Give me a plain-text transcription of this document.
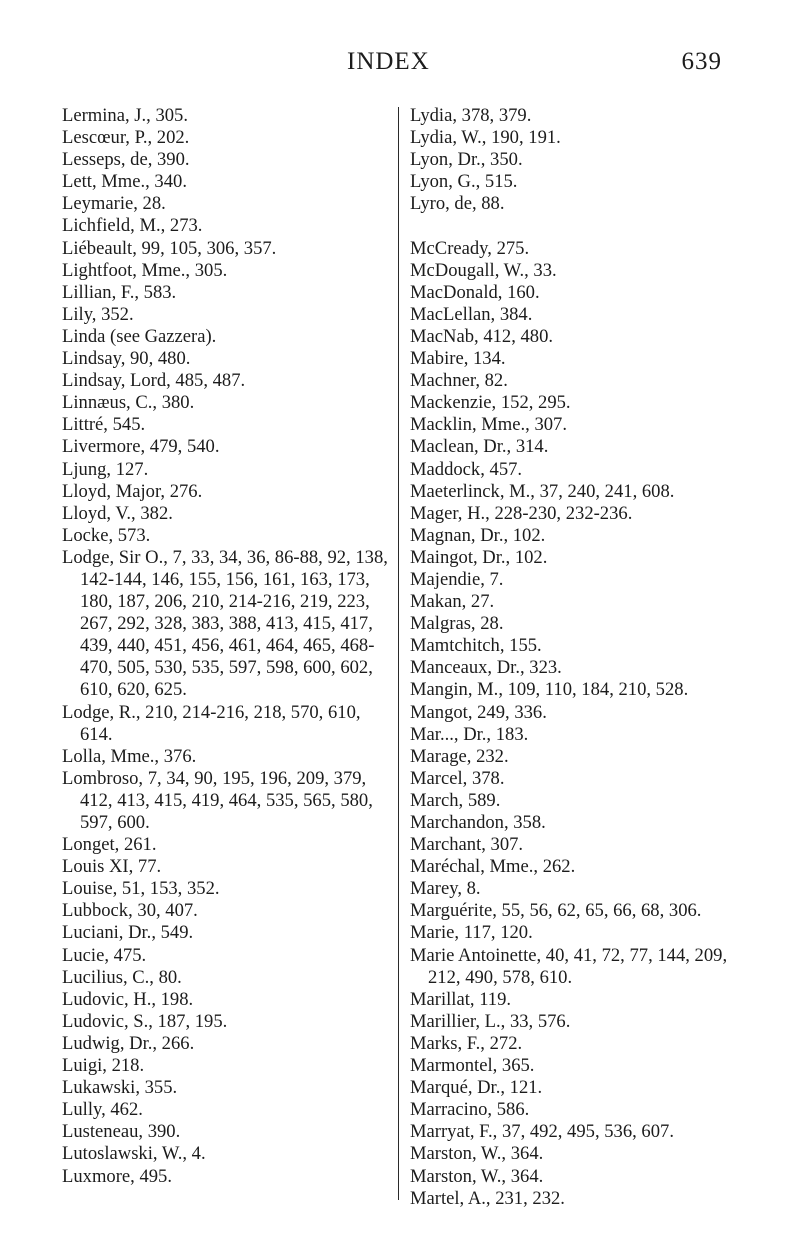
INDEX	639
Lermina, J., 305.
Lescœur, P., 202.
Lesseps, de, 390.
Lett, Mme., 340.
Leymarie, 28.
Lichfield, M., 273.
Liébeault, 99, 105, 306, 357.
Lightfoot, Mme., 305.
Lillian, F., 583.
Lily, 352.
Linda (see Gazzera).
Lindsay, 90, 480.
Lindsay, Lord, 485, 487.
Linnæus, C., 380.
Littré, 545.
Livermore, 479, 540.
Ljung, 127.
Lloyd, Major, 276.
Lloyd, V., 382.
Locke, 573.
Lodge, Sir O., 7, 33, 34, 36, 86-88, 92, 138, 142-144, 146, 155, 156, 161, 163, 173, 180, 187, 206, 210, 214-216, 219, 223, 267, 292, 328, 383, 388, 413, 415, 417, 439, 440, 451, 456, 461, 464, 465, 468-470, 505, 530, 535, 597, 598, 600, 602, 610, 620, 625.
Lodge, R., 210, 214-216, 218, 570, 610, 614.
Lolla, Mme., 376.
Lombroso, 7, 34, 90, 195, 196, 209, 379, 412, 413, 415, 419, 464, 535, 565, 580, 597, 600.
Longet, 261.
Louis XI, 77.
Louise, 51, 153, 352.
Lubbock, 30, 407.
Luciani, Dr., 549.
Lucie, 475.
Lucilius, C., 80.
Ludovic, H., 198.
Ludovic, S., 187, 195.
Ludwig, Dr., 266.
Luigi, 218.
Lukawski, 355.
Lully, 462.
Lusteneau, 390.
Lutoslawski, W., 4.
Luxmore, 495.
Lydia, 378, 379.
Lydia, W., 190, 191.
Lyon, Dr., 350.
Lyon, G., 515.
Lyro, de, 88.
McCready, 275.
McDougall, W., 33.
MacDonald, 160.
MacLellan, 384.
MacNab, 412, 480.
Mabire, 134.
Machner, 82.
Mackenzie, 152, 295.
Macklin, Mme., 307.
Maclean, Dr., 314.
Maddock, 457.
Maeterlinck, M., 37, 240, 241, 608.
Mager, H., 228-230, 232-236.
Magnan, Dr., 102.
Maingot, Dr., 102.
Majendie, 7.
Makan, 27.
Malgras, 28.
Mamtchitch, 155.
Manceaux, Dr., 323.
Mangin, M., 109, 110, 184, 210, 528.
Mangot, 249, 336.
Mar..., Dr., 183.
Marage, 232.
Marcel, 378.
March, 589.
Marchandon, 358.
Marchant, 307.
Maréchal, Mme., 262.
Marey, 8.
Marguérite, 55, 56, 62, 65, 66, 68, 306.
Marie, 117, 120.
Marie Antoinette, 40, 41, 72, 77, 144, 209, 212, 490, 578, 610.
Marillat, 119.
Marillier, L., 33, 576.
Marks, F., 272.
Marmontel, 365.
Marqué, Dr., 121.
Marracino, 586.
Marryat, F., 37, 492, 495, 536, 607.
Marston, W., 364.
Marston, W., 364.
Martel, A., 231, 232.
